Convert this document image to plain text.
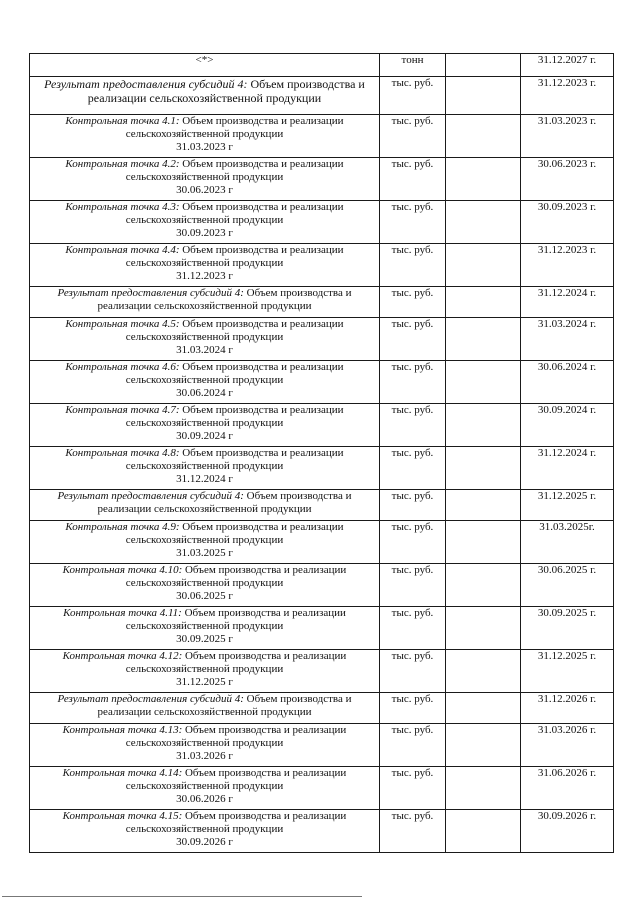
<*>	тонн		31.12.2027 г.

Результат предоставления субсидий 4: Объем производства и
реализации сельскохозяйственной продукции	тыс. руб.		31.12.2023 г.

Контрольная точка 4.1: Объем производства и реализации
сельскохозяйственной продукции
31.03.2023 г	тыс. руб.		31.03.2023 г.

Контрольная точка 4.2: Объем производства и реализации
сельскохозяйственной продукции
30.06.2023 г	тыс. руб.		30.06.2023 г.

Контрольная точка 4.3: Объем производства и реализации
сельскохозяйственной продукции
30.09.2023 г	тыс. руб.		30.09.2023 г.

Контрольная точка 4.4: Объем производства и реализации
сельскохозяйственной продукции
31.12.2023 г	тыс. руб.		31.12.2023 г.

Результат предоставления субсидий 4: Объем производства и
реализации сельскохозяйственной продукции	тыс. руб.		31.12.2024 г.

Контрольная точка 4.5: Объем производства и реализации
сельскохозяйственной продукции
31.03.2024 г	тыс. руб.		31.03.2024 г.

Контрольная точка 4.6: Объем производства и реализации
сельскохозяйственной продукции
30.06.2024 г	тыс. руб.		30.06.2024 г.

Контрольная точка 4.7: Объем производства и реализации
сельскохозяйственной продукции
30.09.2024 г	тыс. руб.		30.09.2024 г.

Контрольная точка 4.8: Объем производства и реализации
сельскохозяйственной продукции
31.12.2024 г	тыс. руб.		31.12.2024 г.

Результат предоставления субсидий 4: Объем производства и
реализации сельскохозяйственной продукции	тыс. руб.		31.12.2025 г.

Контрольная точка 4.9: Объем производства и реализации
сельскохозяйственной продукции
31.03.2025 г	тыс. руб.		31.03.2025г.

Контрольная точка 4.10: Объем производства и реализации
сельскохозяйственной продукции
30.06.2025 г	тыс. руб.		30.06.2025 г.

Контрольная точка 4.11: Объем производства и реализации
сельскохозяйственной продукции
30.09.2025 г	тыс. руб.		30.09.2025 г.

Контрольная точка 4.12: Объем производства и реализации
сельскохозяйственной продукции
31.12.2025 г	тыс. руб.		31.12.2025 г.

Результат предоставления субсидий 4: Объем производства и
реализации сельскохозяйственной продукции	тыс. руб.		31.12.2026 г.

Контрольная точка 4.13: Объем производства и реализации
сельскохозяйственной продукции
31.03.2026 г	тыс. руб.		31.03.2026 г.

Контрольная точка 4.14: Объем производства и реализации
сельскохозяйственной продукции
30.06.2026 г	тыс. руб.		31.06.2026 г.

Контрольная точка 4.15: Объем производства и реализации
сельскохозяйственной продукции
30.09.2026 г	тыс. руб.		30.09.2026 г.
